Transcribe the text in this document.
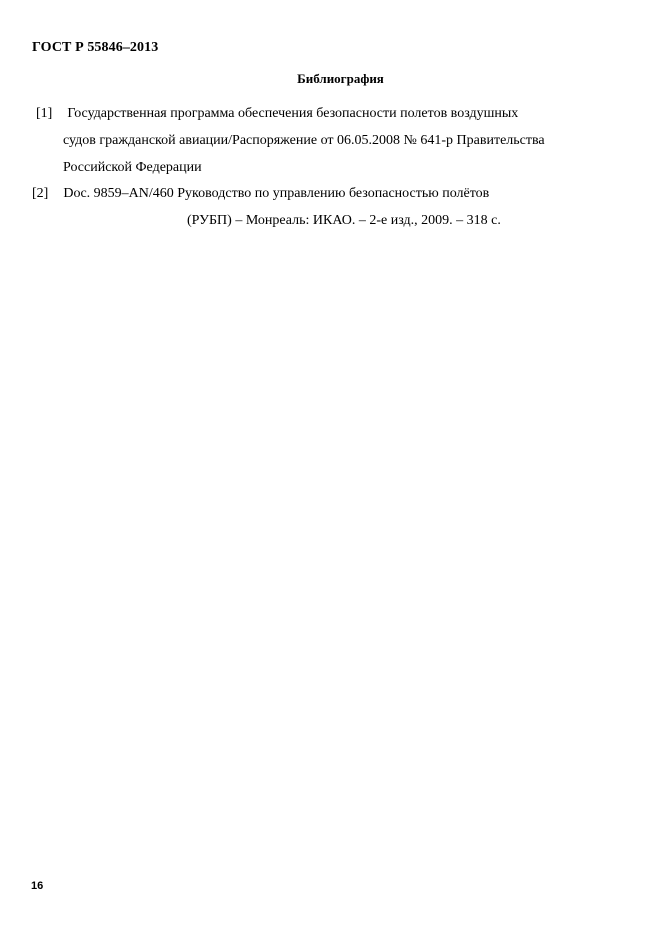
ГОСТ Р 55846–2013
Библиография
[1] Государственная программа обеспечения безопасности полетов воздушных
судов гражданской авиации/Распоряжение от 06.05.2008 № 641-р Правительства
Российской Федерации
[2] Doc. 9859–AN/460 Руководство по управлению безопасностью полётов
(РУБП) – Монреаль: ИКАО. – 2-е изд., 2009. – 318 с.
16
